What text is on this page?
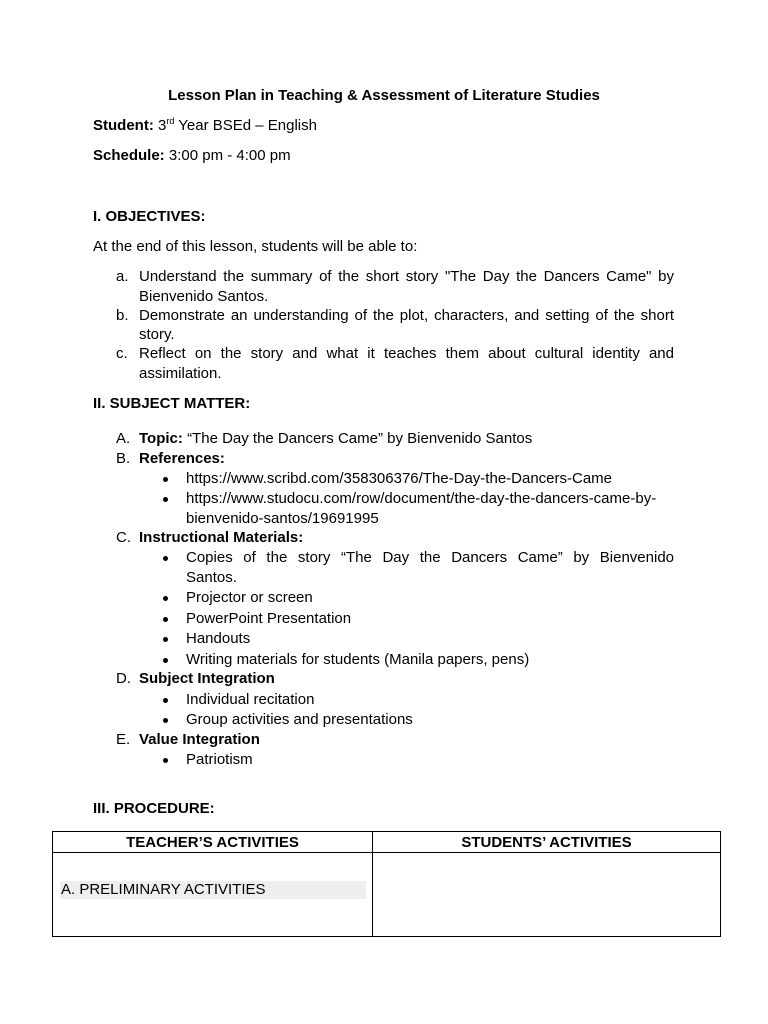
Lesson Plan in Teaching & Assessment of Literature Studies
Student: 3rd Year BSEd – English
Schedule: 3:00 pm - 4:00 pm
I. OBJECTIVES:
At the end of this lesson, students will be able to:
a. Understand the summary of the short story "The Day the Dancers Came" by
Bienvenido Santos.
b. Demonstrate an understanding of the plot, characters, and setting of the short
story.
c. Reflect on the story and what it teaches them about cultural identity and
assimilation.
II. SUBJECT MATTER:
A. Topic: “The Day the Dancers Came” by Bienvenido Santos
B. References:
https://www.scribd.com/358306376/The-Day-the-Dancers-Came
https://www.studocu.com/row/document/the-day-the-dancers-came-by-
bienvenido-santos/19691995
C. Instructional Materials:
Copies of the story “The Day the Dancers Came” by Bienvenido
Santos.
Projector or screen
PowerPoint Presentation
Handouts
Writing materials for students (Manila papers, pens)
D. Subject Integration
Individual recitation
Group activities and presentations
E. Value Integration
Patriotism
III. PROCEDURE:
TEACHER’S ACTIVITIES	STUDENTS’ ACTIVITIES

A. PRELIMINARY ACTIVITIES	
